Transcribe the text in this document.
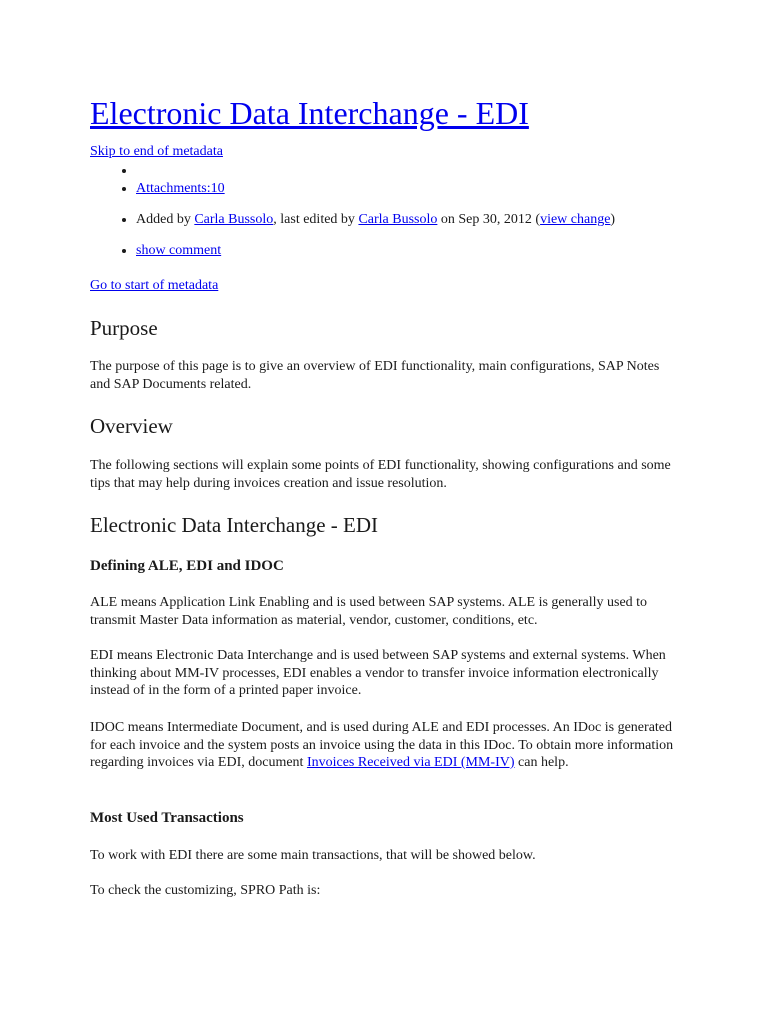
Electronic Data Interchange - EDI
Skip to end of metadata
•
• Attachments:10
• Added by Carla Bussolo, last edited by Carla Bussolo on Sep 30, 2012 (view change)
• show comment
Go to start of metadata
Purpose

The purpose of this page is to give an overview of EDI functionality, main configurations, SAP Notes and SAP Documents related.

Overview

The following sections will explain some points of EDI functionality, showing configurations and some tips that may help during invoices creation and issue resolution.

Electronic Data Interchange - EDI
Defining ALE, EDI and IDOC

ALE means Application Link Enabling and is used between SAP systems. ALE is generally used to transmit Master Data information as material, vendor, customer, conditions, etc.

EDI means Electronic Data Interchange and is used between SAP systems and external systems. When thinking about MM-IV processes, EDI enables a vendor to transfer invoice information electronically instead of in the form of a printed paper invoice.

IDOC means Intermediate Document, and is used during ALE and EDI processes. An IDoc is generated for each invoice and the system posts an invoice using the data in this IDoc. To obtain more information regarding invoices via EDI, document Invoices Received via EDI (MM-IV) can help.

Most Used Transactions

To work with EDI there are some main transactions, that will be showed below.

To check the customizing, SPRO Path is:
